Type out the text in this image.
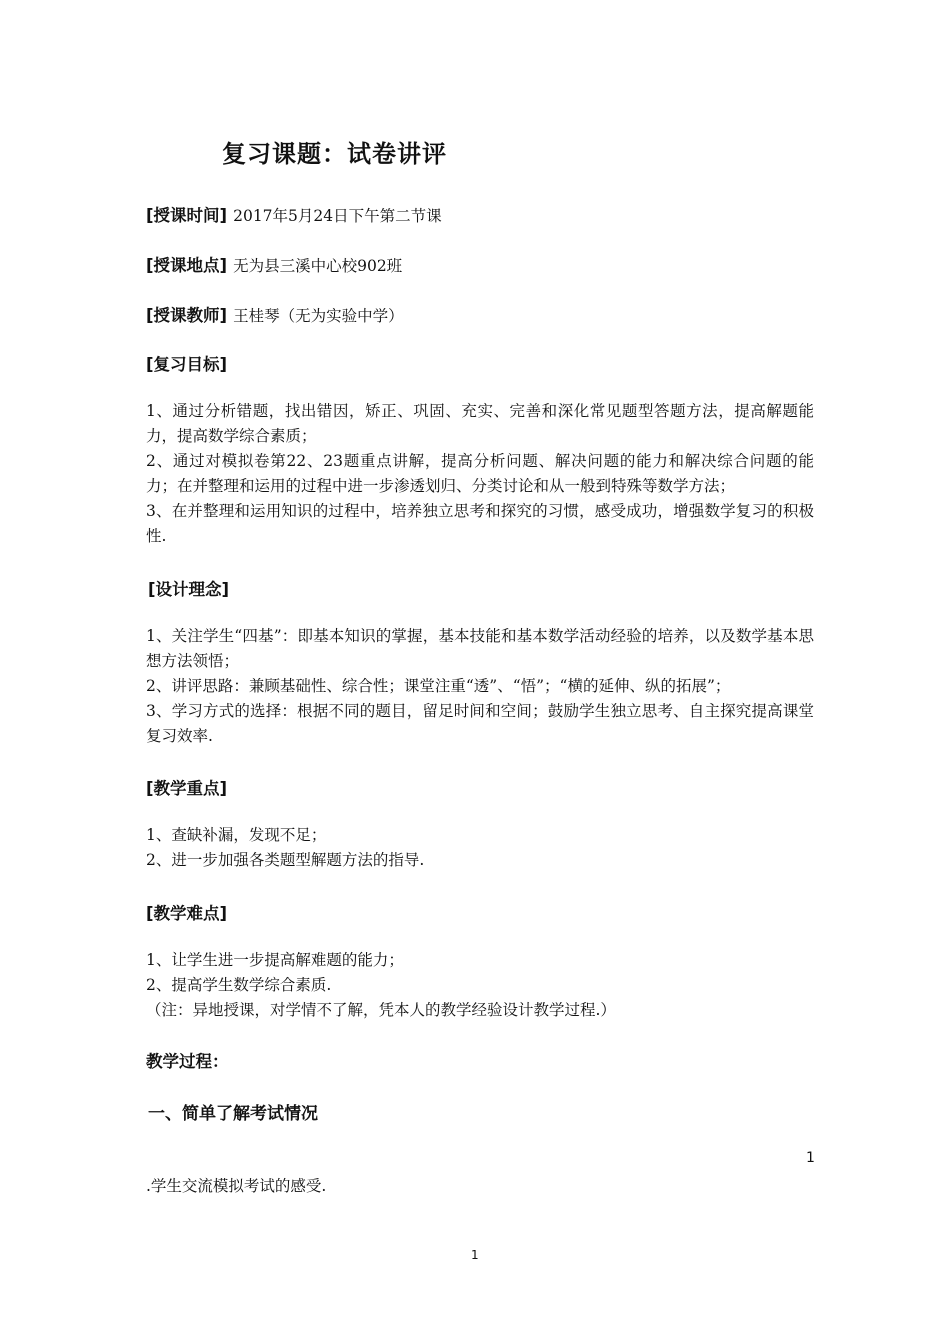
复习课题：试卷讲评
[授课时间] 2017年5月24日下午第二节课
[授课地点] 无为县三溪中心校902班
[授课教师] 王桂琴（无为实验中学）
[复习目标]

1、通过分析错题，找出错因，矫正、巩固、充实、完善和深化常见题型答题方法，提高解题能力，提高数学综合素质；

2、通过对模拟卷第22、23题重点讲解，提高分析问题、解决问题的能力和解决综合问题的能力；在并整理和运用的过程中进一步渗透划归、分类讨论和从一般到特殊等数学方法；

3、在并整理和运用知识的过程中，培养独立思考和探究的习惯，感受成功，增强数学复习的积极性.

[设计理念]

1、关注学生“四基”：即基本知识的掌握，基本技能和基本数学活动经验的培养，以及数学基本思想方法领悟；

2、讲评思路：兼顾基础性、综合性；课堂注重“透”、“悟”；“横的延伸、纵的拓展”；

3、学习方式的选择：根据不同的题目，留足时间和空间；鼓励学生独立思考、自主探究提高课堂复习效率.

[教学重点]

1、查缺补漏，发现不足；

2、进一步加强各类题型解题方法的指导.

[教学难点]

1、让学生进一步提高解难题的能力；

2、提高学生数学综合素质.

（注：异地授课，对学情不了解，凭本人的教学经验设计教学过程.）

教学过程：
一、简单了解考试情况
1
.学生交流模拟考试的感受.
1
